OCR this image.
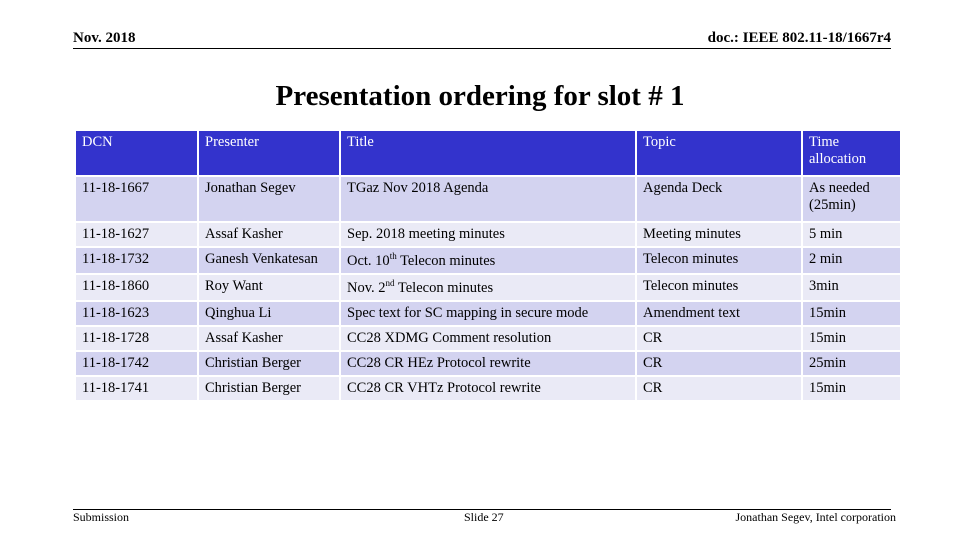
Nov. 2018	doc.: IEEE 802.11-18/1667r4
Presentation ordering for slot # 1
DCN	Presenter	Title	Topic	Time allocation
11-18-1667	Jonathan Segev	TGaz Nov 2018 Agenda	Agenda Deck	As needed (25min)
11-18-1627	Assaf Kasher	Sep. 2018 meeting minutes	Meeting minutes	5 min
11-18-1732	Ganesh Venkatesan	Oct. 10th Telecon minutes	Telecon minutes	2 min
11-18-1860	Roy Want	Nov. 2nd Telecon minutes	Telecon minutes	3min
11-18-1623	Qinghua Li	Spec text for SC mapping in secure mode	Amendment text	15min
11-18-1728	Assaf Kasher	CC28 XDMG Comment resolution	CR	15min
11-18-1742	Christian Berger	CC28 CR HEz Protocol rewrite	CR	25min
11-18-1741	Christian Berger	CC28 CR VHTz Protocol rewrite	CR	15min
Submission	Slide 27	Jonathan Segev, Intel corporation
